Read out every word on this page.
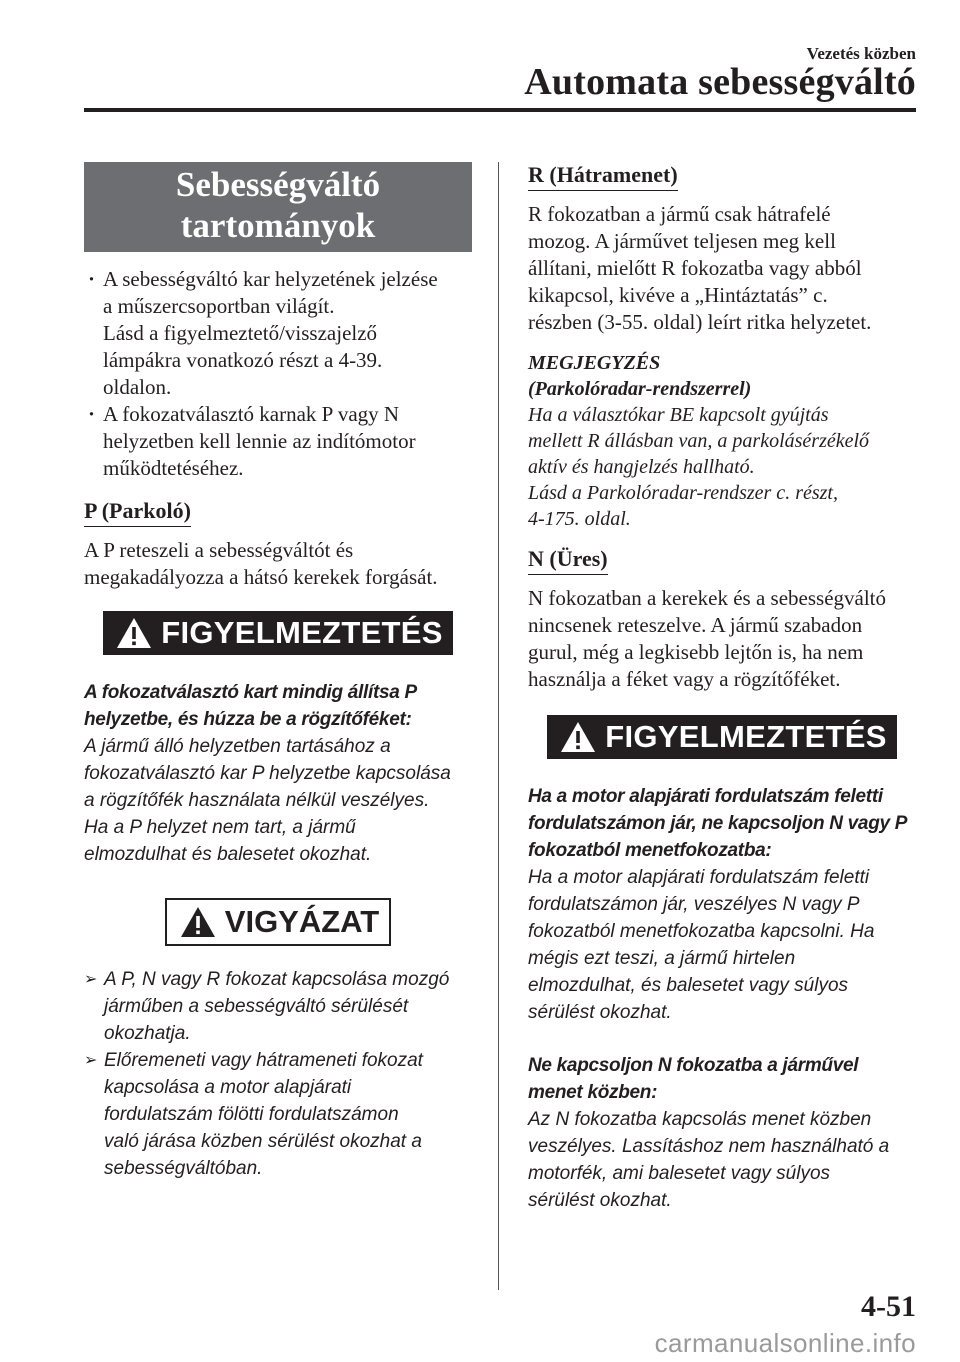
Vezetés közben
Automata sebességváltó
Sebességváltó
tartományok
· A sebességváltó kar helyzetének jelzése
a műszercsoportban világít.
Lásd a figyelmeztető/visszajelző
lámpákra vonatkozó részt a 4-39.
oldalon.
· A fokozatválasztó karnak P vagy N
helyzetben kell lennie az indítómotor
működtetéséhez.
P (Parkoló)
A P reteszeli a sebességváltót és
megakadályozza a hátsó kerekek forgását.
FIGYELMEZTETÉS
A fokozatválasztó kart mindig állítsa P
helyzetbe, és húzza be a rögzítőféket:
A jármű álló helyzetben tartásához a
fokozatválasztó kar P helyzetbe kapcsolása
a rögzítőfék használata nélkül veszélyes.
Ha a P helyzet nem tart, a jármű
elmozdulhat és balesetet okozhat.
VIGYÁZAT
➢ A P, N vagy R fokozat kapcsolása mozgó
járműben a sebességváltó sérülését
okozhatja.
➢ Előremeneti vagy hátrameneti fokozat
kapcsolása a motor alapjárati
fordulatszám fölötti fordulatszámon
való járása közben sérülést okozhat a
sebességváltóban.
R (Hátramenet)
R fokozatban a jármű csak hátrafelé
mozog. A járművet teljesen meg kell
állítani, mielőtt R fokozatba vagy abból
kikapcsol, kivéve a „Hintáztatás” c.
részben (3-55. oldal) leírt ritka helyzetet.
MEGJEGYZÉS
(Parkolóradar-rendszerrel)
Ha a választókar BE kapcsolt gyújtás
mellett R állásban van, a parkolásérzékelő
aktív és hangjelzés hallható.
Lásd a Parkolóradar-rendszer c. részt,
4-175. oldal.
N (Üres)
N fokozatban a kerekek és a sebességváltó
nincsenek reteszelve. A jármű szabadon
gurul, még a legkisebb lejtőn is, ha nem
használja a féket vagy a rögzítőféket.
FIGYELMEZTETÉS
Ha a motor alapjárati fordulatszám feletti
fordulatszámon jár, ne kapcsoljon N vagy P
fokozatból menetfokozatba:
Ha a motor alapjárati fordulatszám feletti
fordulatszámon jár, veszélyes N vagy P
fokozatból menetfokozatba kapcsolni. Ha
mégis ezt teszi, a jármű hirtelen
elmozdulhat, és balesetet vagy súlyos
sérülést okozhat.
Ne kapcsoljon N fokozatba a járművel
menet közben:
Az N fokozatba kapcsolás menet közben
veszélyes. Lassításhoz nem használható a
motorfék, ami balesetet vagy súlyos
sérülést okozhat.
4-51
carmanualsonline.info
